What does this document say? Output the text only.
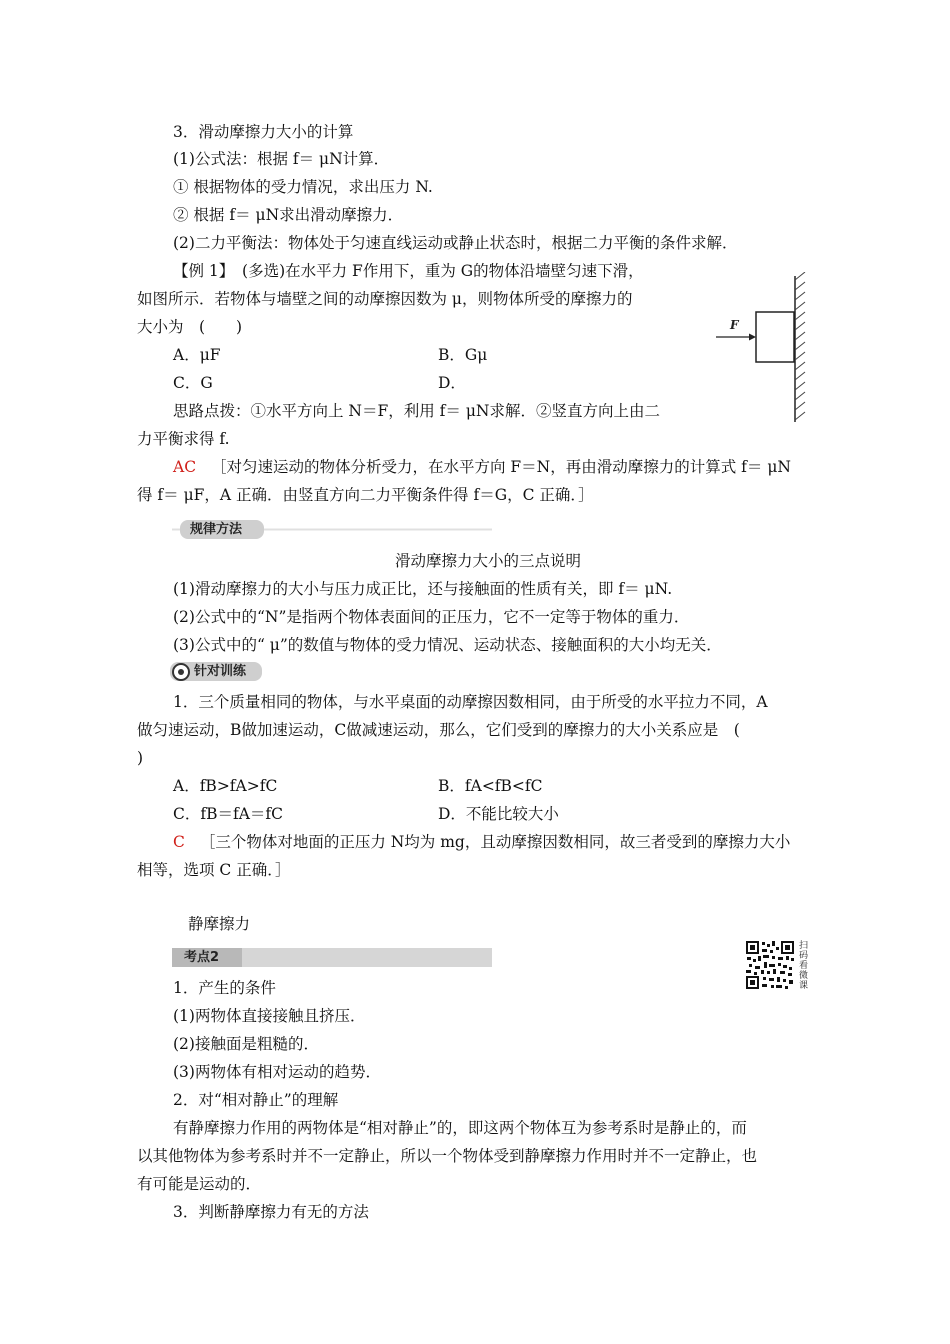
3．滑动摩擦力大小的计算
(1)公式法：根据 f＝ μN计算．
① 根据物体的受力情况，求出压力 N.
② 根据 f＝ μN求出滑动摩擦力．
(2)二力平衡法：物体处于匀速直线运动或静止状态时，根据二力平衡的条件求解．
【例 1】　(多选)在水平力 F作用下，重为 G的物体沿墙壁匀速下滑，
如图所示．若物体与墙壁之间的动摩擦因数为 μ，则物体所受的摩擦力的
大小为　(　　)	F
A．μF	B．Gμ
C．G	D．
思路点拨：①水平方向上 N＝F，利用 f＝ μN求解．②竖直方向上由二
力平衡求得 f.
AC ［对匀速运动的物体分析受力，在水平方向 F＝N，再由滑动摩擦力的计算式 f＝ μN
得 f＝ μF，A 正确．由竖直方向二力平衡条件得 f＝G，C 正确．］
规律方法
滑动摩擦力大小的三点说明
(1)滑动摩擦力的大小与压力成正比，还与接触面的性质有关，即 f＝ μN.
(2)公式中的“N”是指两个物体表面间的正压力，它不一定等于物体的重力．
(3)公式中的“ μ”的数值与物体的受力情况、运动状态、接触面积的大小均无关．
针对训练
1．三个质量相同的物体，与水平桌面的动摩擦因数相同，由于所受的水平拉力不同，A
做匀速运动，B做加速运动，C做减速运动，那么，它们受到的摩擦力的大小关系应是　(
)
A．fB>fA>fC	B．fA<fB<fC
C．fB＝fA＝fC	D．不能比较大小
C ［三个物体对地面的正压力 N均为 mg，且动摩擦因数相同，故三者受到的摩擦力大小
相等，选项 C 正确．］
静摩擦力
考点2
扫
码
看
微
课
1．产生的条件
(1)两物体直接接触且挤压．
(2)接触面是粗糙的．
(3)两物体有相对运动的趋势．
2．对“相对静止”的理解
有静摩擦力作用的两物体是“相对静止”的，即这两个物体互为参考系时是静止的，而
以其他物体为参考系时并不一定静止，所以一个物体受到静摩擦力作用时并不一定静止，也
有可能是运动的．
3．判断静摩擦力有无的方法
